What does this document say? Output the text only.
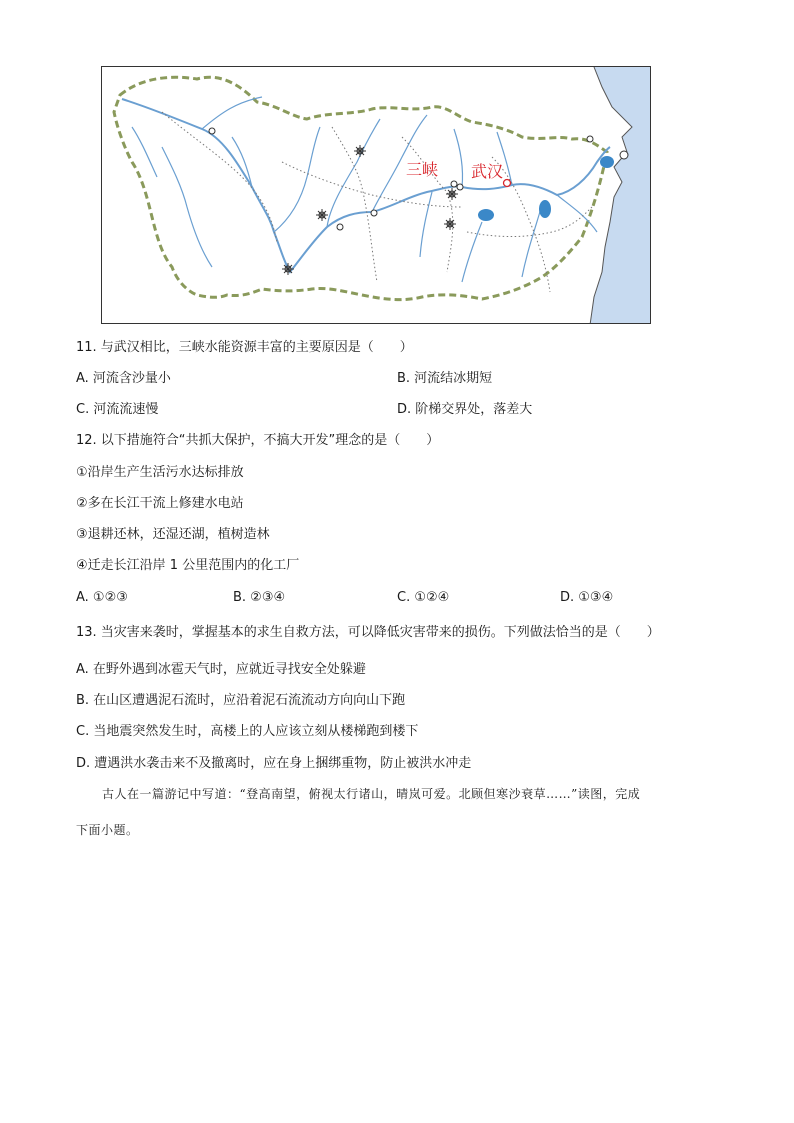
三峡 武汉
11. 与武汉相比，三峡水能资源丰富的主要原因是（　　）
A. 河流含沙量小	B. 河流结冰期短
C. 河流流速慢	D. 阶梯交界处，落差大
12. 以下措施符合“共抓大保护，不搞大开发”理念的是（　　）
①沿岸生产生活污水达标排放
②多在长江干流上修建水电站
③退耕还林，还湿还湖，植树造林
④迁走长江沿岸 1 公里范围内的化工厂
A. ①②③	B. ②③④	C. ①②④	D. ①③④
13. 当灾害来袭时，掌握基本的求生自救方法，可以降低灾害带来的损伤。下列做法恰当的是（　　）
A. 在野外遇到冰雹天气时，应就近寻找安全处躲避
B. 在山区遭遇泥石流时，应沿着泥石流流动方向向山下跑
C. 当地震突然发生时，高楼上的人应该立刻从楼梯跑到楼下
D. 遭遇洪水袭击来不及撤离时，应在身上捆绑重物，防止被洪水冲走
古人在一篇游记中写道：“登高南望，俯视太行诸山，晴岚可爱。北顾但寒沙衰草……”读图，完成
下面小题。
